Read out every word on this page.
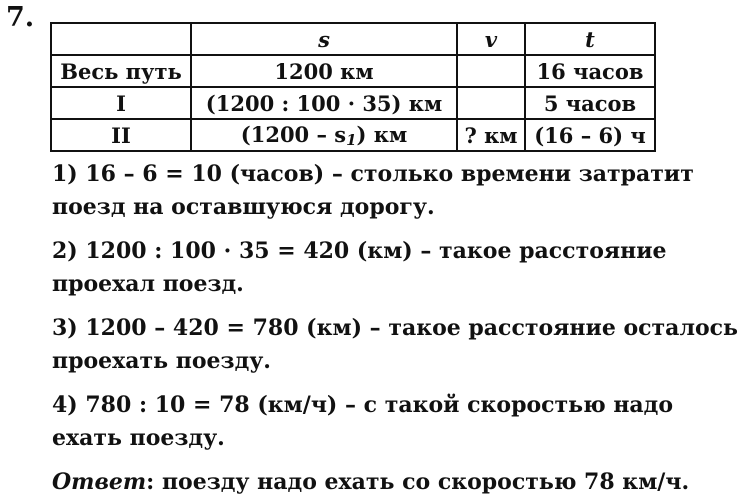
7.
	s	v	t
Весь путь	1200 км		16 часов
I	(1200 : 100 · 35) км		5 часов
II	$(1200 - s_1)$ км	? км	(16 – 6) ч

1) 16 – 6 = 10 (часов) – столько времени затратит поезд на оставшуюся дорогу.

2) 1200 : 100 · 35 = 420 (км) – такое расстояние проехал поезд.

3) 1200 – 420 = 780 (км) – такое расстояние осталось проехать поезду.

4) 780 : 10 = 78 (км/ч) – с такой скоростью надо ехать поезду.

Ответ: поезду надо ехать со скоростью 78 км/ч.
